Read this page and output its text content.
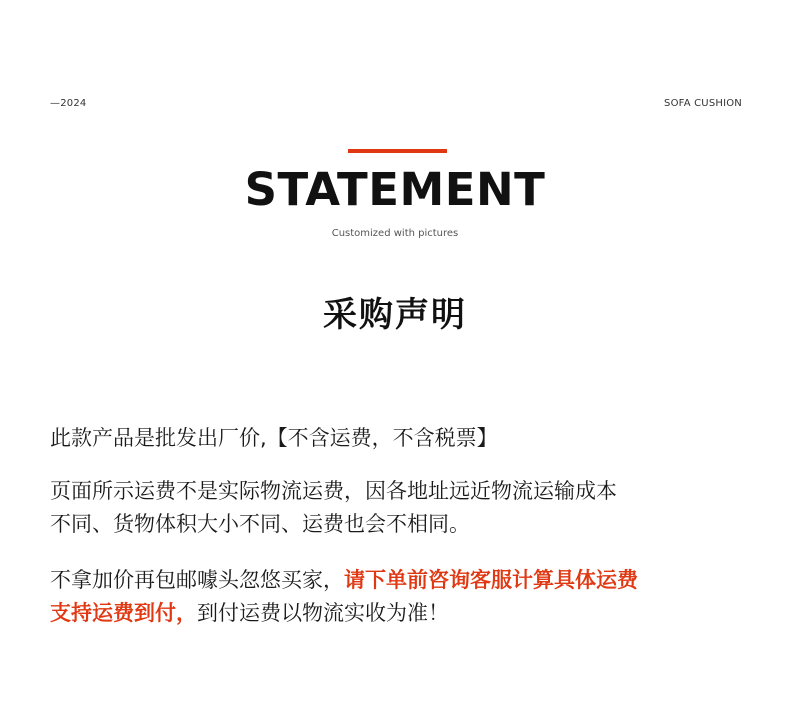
—2024	SOFA CUSHION
STATEMENT
Customized with pictures
采购声明
此款产品是批发出厂价,【不含运费，不含税票】
页面所示运费不是实际物流运费，因各地址远近物流运输成本
不同、货物体积大小不同、运费也会不相同。
不拿加价再包邮噱头忽悠买家，请下单前咨询客服计算具体运费
支持运费到付，到付运费以物流实收为准！
